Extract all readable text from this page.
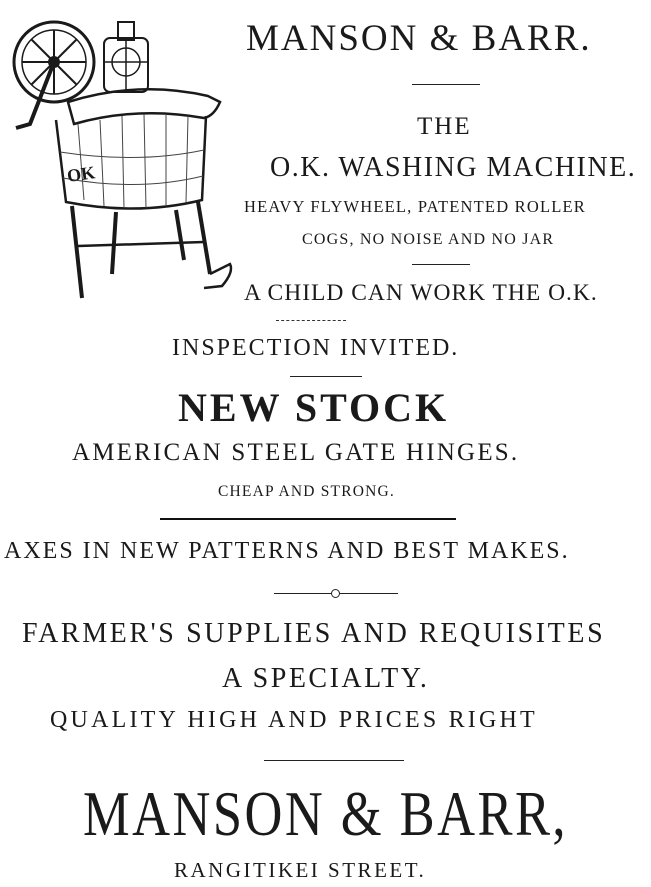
OK
MANSON & BARR.
THE
O.K. WASHING MACHINE.
HEAVY FLYWHEEL, PATENTED ROLLER
COGS, NO NOISE AND NO JAR
A CHILD CAN WORK THE O.K.
INSPECTION INVITED.
NEW STOCK
AMERICAN STEEL GATE HINGES.
CHEAP AND STRONG.
AXES IN NEW PATTERNS AND BEST MAKES.
FARMER'S SUPPLIES AND REQUISITES
A SPECIALTY.
QUALITY HIGH AND PRICES RIGHT
MANSON & BARR,
RANGITIKEI STREET.
